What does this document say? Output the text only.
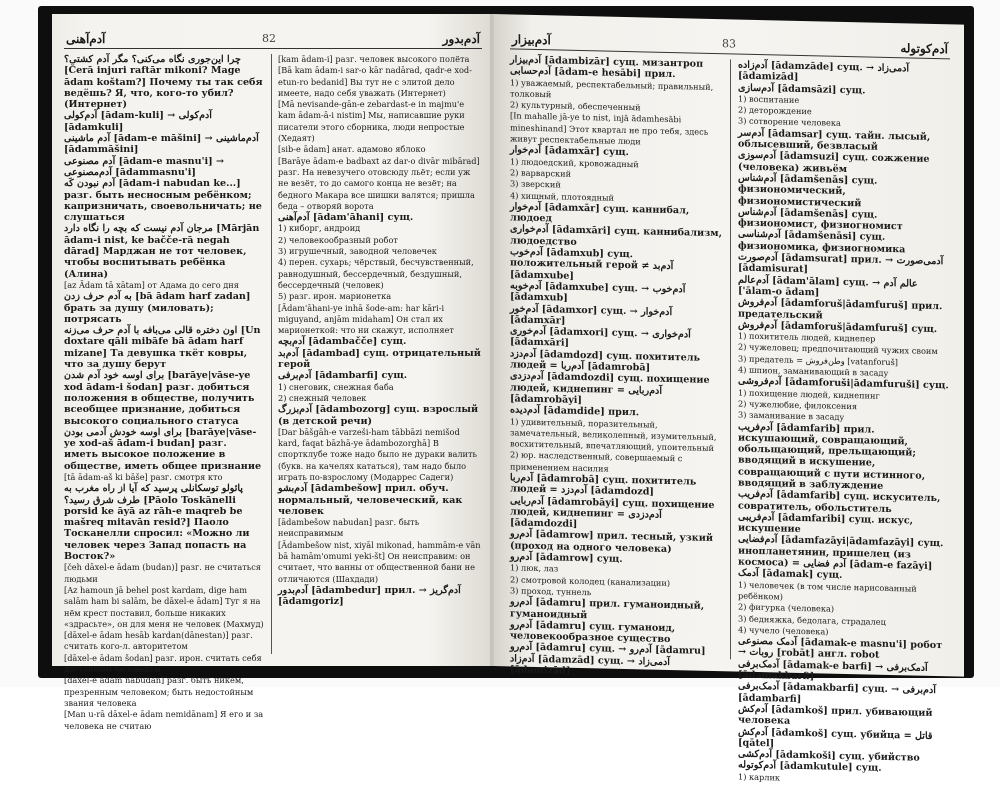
آدم‌آهنی	82	آدم‌بدور

چرا این‌جوری نگاه می‌کنی؟ مگر آدم کشتی؟ [Čerā injuri raftār mikoni? Mage ādam koštam?] Почему ты так себя ведёшь? Я, что, кого-то убил? (Интернет)

آدم‌کولی [ādam-kuli] → آدم‌کولی [ādamkuli]

آدم ماشینی [ādam-e māšini] → آدم‌ماشینی [ādammāšini]

آدم مصنوعی [ādam-e masnu'i] → آدم‌مصنوعی [ādammasnu'i]

آدم نبودن کَه [ādam-i nabudan ke...] разг. быть несносным ребёнком; капризничать, своевольничать; не слушаться

مرجان آدم نیست که بچه را نگاه دارد [Mārjān ādam-i nist, ke bačče-rā negah dārad] Марджан не тот человек, чтобы воспитывать ребёнка (Алина)

[az Ādam tā xātam] от Адама до сего дня

به آدم حرف زدن [bā ādam harf zadan] брать за душу (миловать); потрясать

اون دختره قالی می‌بافه با آدم حرف می‌زنه [Un doxtare qāli mibāfe bā ādam harf mizane] Та девушка ткёт ковры, что за душу берут

برای اوسه خود آدم شدن [barāye|vāse-ye xod ādam-i šodan] разг. добиться положения в обществе, получить всеобщее признание, добиться высокого социального статуса

برای اوسه خودش آدمی بودن [barāye|vāse-ye xod-aš ādam-i budan] разг. иметь высокое положение в обществе, иметь общее признание

[tā ādam-aš ki bāše] разг. смотря кто

پائولو توسکانلی پرسید که آیا از راه مغرب به طرف شرق رسید؟ [Pāolo Toskānelli porsid ke āyā az rāh-e maqreb be mašreq mitavān resid?] Паоло Тосканелли спросил: «Можно ли человек через Запад попасть на Восток?»

[čeh dāxel-e ādam (budan)] разг. не считаться людьми

[Az hamoun jā behel post kardam, dige ham salām ham bi salām, be dāxel-e ādam] Туг я на нём крест поставил, больше никаких «здрасьте», он для меня не человек (Махмуд)

[dāxel-e ādam hesāb kardan(dānestan)] разг. считать кого-л. авторитетом

[dāxel-e ādam šodan] разг. ирон. считать себя достойным человеком

[dāxel-e ādam nabudan] разг. быть никем, презренным человеком; быть недостойным звания человека

[Man u-rā dāxel-e ādam nemidānam] Я его и за человека не считаю

[kam ādam-i] разг. человек высокого полёта

[Bā kam ādam-i sar-o kār nadārad, qadr-e xod-etun-ro bedanid] Вы тут не с элитой дело имеете, надо себя уважать (Интернет)

[Mā nevisande-gān-e zebardast-e in majmu'e kam ādam-ā-i nistim] Мы, написавшие руки писатели этого сборника, люди непростые (Хедаят)

[sib-e ādam] анат. адамово яблоко

[Barāye ādam-e badbaxt az dar-o divār mibārad] разг. На невезучего отовсюду льёт; если уж не везёт, то до самого конца не везёт; на бедного Макара все шишки валятся; пришла беда – отворяй ворота

آدم‌آهنی [ādam'āhani] сущ.

1) киборг, андроид

2) человекообразный робот

3) игрушечный, заводной человечек

4) перен. сухарь; чёрствый, бесчувственный, равнодушный, бессердечный, бездушный, бессердечный (человек)

5) разг. ирон. марионетка

[Ādam'āhani-ye inhā šode-am: har kāri-i miguyand, anjām midaham] Он стал их марионеткой: что ни скажут, исполняет

آدم‌بچه [ādambačče] сущ.

آدم‌بد [ādambad] сущ. отрицательный герой

آدم‌برفی [ādambarfi] сущ.

1) снеговик, снежная баба

2) снежный человек

آدم‌بزرگ [ādambozorg] сущ. взрослый (в детской речи)

[Dar bāšgāh-e varzeši-ham tābbāzi nemišod kard, faqat bāzhā-ye ādambozorghā] В спортклубе тоже надо было не дураки валить (букв. на качелях кататься), там надо было играть по-взрослому (Модаррес Садеги)

آدم‌بشو [ādambešow] прил. обуч. нормальный, человеческий, как человек

[ādambešow nabudan] разг. быть неисправимым

[Ādambešow nist, xiyāl mikonad, hammām-e vān bā hamām'omumi yeki-št] Он неисправим: он считает, что ванны от общественной бани не отличаются (Шахдади)

آدم‌بدور [ādambedur] прил. → آدم‌گریز [ādamgoriz]

آدم‌بیزار	83	آدم‌کوتوله

آدم‌بیزار [ādambizār] сущ. мизантроп

آدم‌حسابی [ādam-e hesābi] прил.

1) уважаемый, респектабельный; правильный, толковый

2) культурный, обеспеченный

[In mahalle jā-ye to nist, injā ādamhesābi mineshinand] Этот квартал не про тебя, здесь живут респектабельные люди

آدم‌خوار [ādamxār] сущ.

1) людоедский, кровожадный

2) варварский

3) зверский

4) хищный, плотоядный

آدم‌خوار [ādamxār] сущ. каннибал, людоед

آدم‌خواری [ādamxāri] сущ. каннибализм, людоедство

آدم‌خوب [ādamxub] сущ. положительный герой ≠ آدم‌بد [ādamxube]

آدم‌خوبه [ādamxube] сущ. → آدم‌خوب [ādamxub]

آدم‌خور [ādamxor] сущ. → آدم‌خوار [ādamxār]

آدم‌خوری [ādamxori] сущ. → آدم‌خواری [ādamxāri]

آدم‌دزد [ādamdozd] сущ. похититель людей = آدم‌ربا [ādamrobā]

آدم‌دزدی [ādamdozdi] сущ. похищение людей, киднепинг = آدم‌ربایی [ādamrobāyi]

آدم‌دیده [ādamdide] прил.

1) удивительный, поразительный, замечательный, великолепный, изумительный, восхитительный, впечатляющий, упоительный

2) юр. наследственный, совершаемый с применением насилия

آدم‌ربا [ādamrobā] сущ. похититель людей = آدم‌دزد [ādamdozd]

آدم‌ربایی [ādamrobāyi] сущ. похищение людей, киднепинг = آدم‌دزدی [ādamdozdi]

آدم‌رو [ādamrow] прил. тесный, узкий (проход на одного человека)

آدم‌رو [ādamrow] сущ.

1) люк, лаз

2) смотровой колодец (канализации)

3) проход, туннель

آدم‌رو [ādamru] прил. гуманоидный, гуманоидный

آدم‌رو [ādamru] сущ. гуманоид, человекообразное существо

آدم‌رو [ādamru] сущ. → آدم‌رو [ādamru]

آدم‌زاد [ādamzād] сущ. → آدمی‌زاد [ādamizād]

آدم‌زاده [ādamzāde] сущ. → آدمی‌زاد [ādamizād]

آدم‌سازی [ādamsāzi] сущ.

1) воспитание

2) деторождение

3) сотворение человека

آدم‌سر [ādamsar] сущ. тайн. лысый, облысевший, безвласый

آدم‌سوزی [ādamsuzi] сущ. сожжение (человека) живьём

آدم‌شناس [ādamšenās] сущ. физиономический, физиономистический

آدم‌شناس [ādamšenās] сущ. физиономист, физиогномист

آدم‌شناسی [ādamšenāsi] сущ. физиономика, физиогномика

آدم‌صورت [ādamsurat] прил. → آدمی‌صورت [ādamisurat]

آدم‌عالم [ādam'ālam] сущ. → عالم آدم ['ālam-o ādam]

آدم‌فروش [ādamforuš|ādamfuruš] прил. предательский

آدم‌فروش [ādamforuš|ādamfuruš] сущ.

1) похититель людей, киднепер

2) чужеловец; предпочитающий чужих своим

3) предатель = وطن‌فروش [vatanforuš]

4) шпион, заманивающий в засаду

آدم‌فروشی [ādamforuši|ādamfuruši] сущ.

1) похищение людей, киднепинг

2) чужелюбие, филоксения

3) заманивание в засаду

آدم‌فریب [ādamfarib] прил. искушающий, совращающий, обольщающий, прельщающий; вводящий в искушение, совращающий с пути истинного, вводящий в заблуждение

آدم‌فریب [ādamfarib] сущ. искуситель, совратитель, обольститель

آدم‌فریبی [ādamfaribi] сущ. искус, искушение

آدم‌فضایی [ādamfazāyi|ādamfazāyi] сущ. инопланетянин, пришелец (из космоса) = آدم فضایی [ādam-e fazāyi]

آدمک [ādamak] сущ.

1) человечек (в том числе нарисованный ребёнком)

2) фигурка (человека)

3) бедняжка, бедолага, страдалец

4) чучело (человека)

آدمک مصنوعی [ādamak-e masnu'i] робот → روبات [robāt] англ. robot

آدمک‌برفی [ādamak-e barfi] → آدمک‌برفی [ādamakbarfi]

آدمک‌برفی [ādamakbarfi] сущ. → آدم‌برفی [ādambarfi]

آدم‌کش [ādamkoš] прил. убивающий человека

آدم‌کش [ādamkoš] сущ. убийца = قاتل [qātel]

آدم‌کشی [ādamkoši] сущ. убийство

آدم‌کوتوله [ādamkutule] сущ.

1) карлик
